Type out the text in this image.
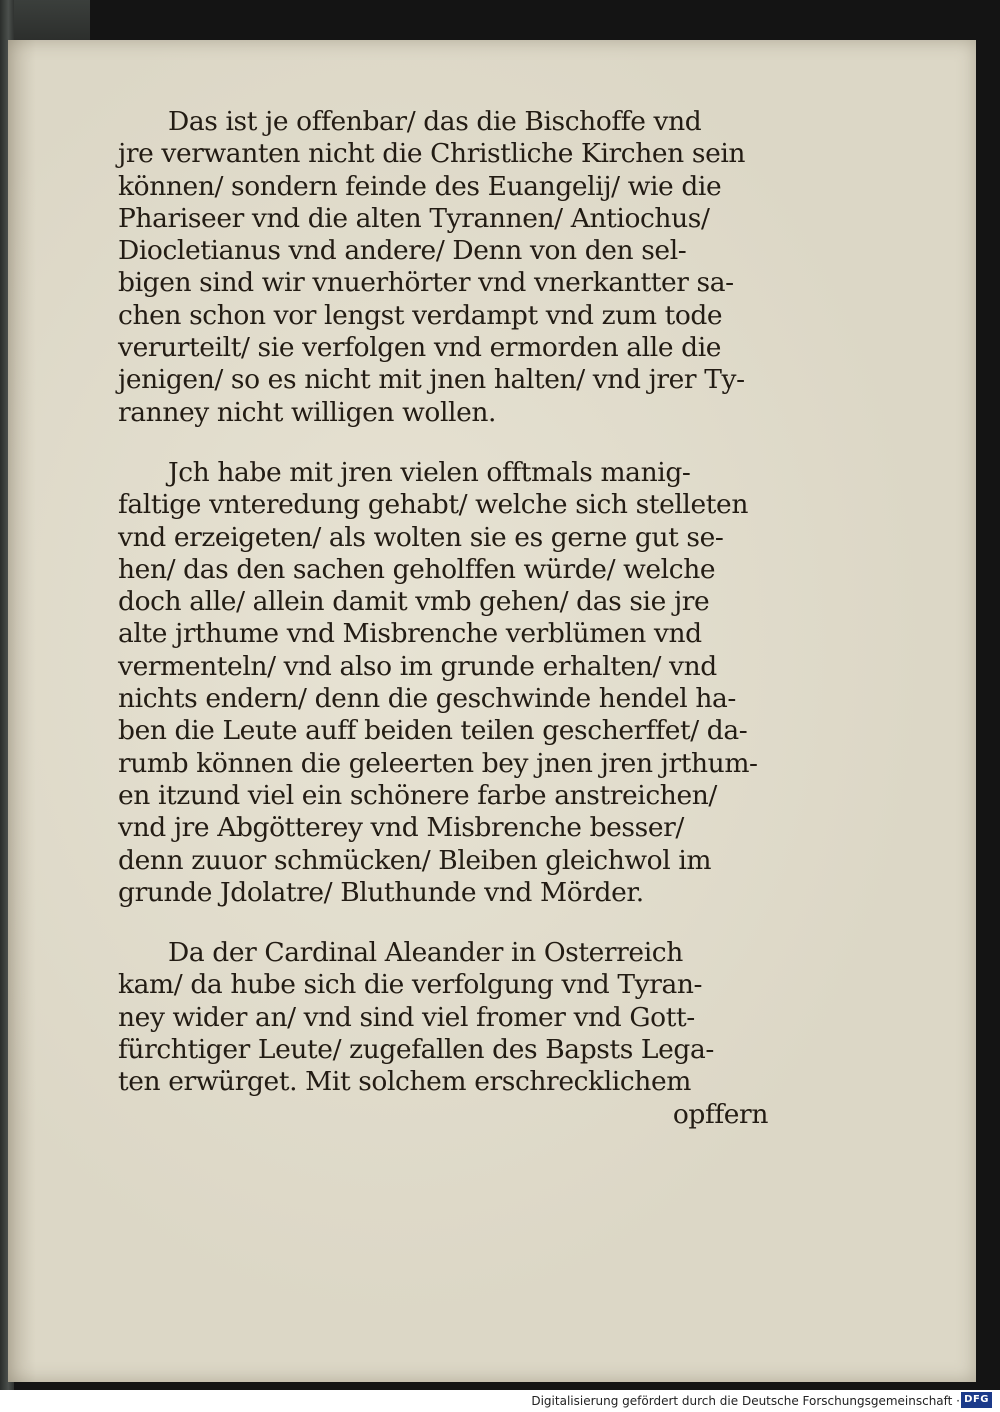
Das ist je offenbar/ das die Bischoffe vnd
jre verwanten nicht die Christliche Kirchen sein
können/ sondern feinde des Euangelij/ wie die
Phariseer vnd die alten Tyrannen/ Antiochus/
Diocletianus vnd andere/ Denn von den sel-
bigen sind wir vnuerhörter vnd vnerkantter sa-
chen schon vor lengst verdampt vnd zum tode
verurteilt/ sie verfolgen vnd ermorden alle die
jenigen/ so es nicht mit jnen halten/ vnd jrer Ty-
ranney nicht willigen wollen.

Jch habe mit jren vielen offtmals manig-
faltige vnteredung gehabt/ welche sich stelleten
vnd erzeigeten/ als wolten sie es gerne gut se-
hen/ das den sachen geholffen würde/ welche
doch alle/ allein damit vmb gehen/ das sie jre
alte jrthume vnd Misbrenche verblümen vnd
vermenteln/ vnd also im grunde erhalten/ vnd
nichts endern/ denn die geschwinde hendel ha-
ben die Leute auff beiden teilen gescherffet/ da-
rumb können die geleerten bey jnen jren jrthum-
en itzund viel ein schönere farbe anstreichen/
vnd jre Abgötterey vnd Misbrenche besser/
denn zuuor schmücken/ Bleiben gleichwol im
grunde Jdolatre/ Bluthunde vnd Mörder.

Da der Cardinal Aleander in Osterreich
kam/ da hube sich die verfolgung vnd Tyran-
ney wider an/ vnd sind viel fromer vnd Gott-
fürchtiger Leute/ zugefallen des Bapsts Lega-
ten erwürget. Mit solchem erschrecklichem
opffern

Digitalisierung gefördert durch die Deutsche Forschungsgemeinschaft · DFG
